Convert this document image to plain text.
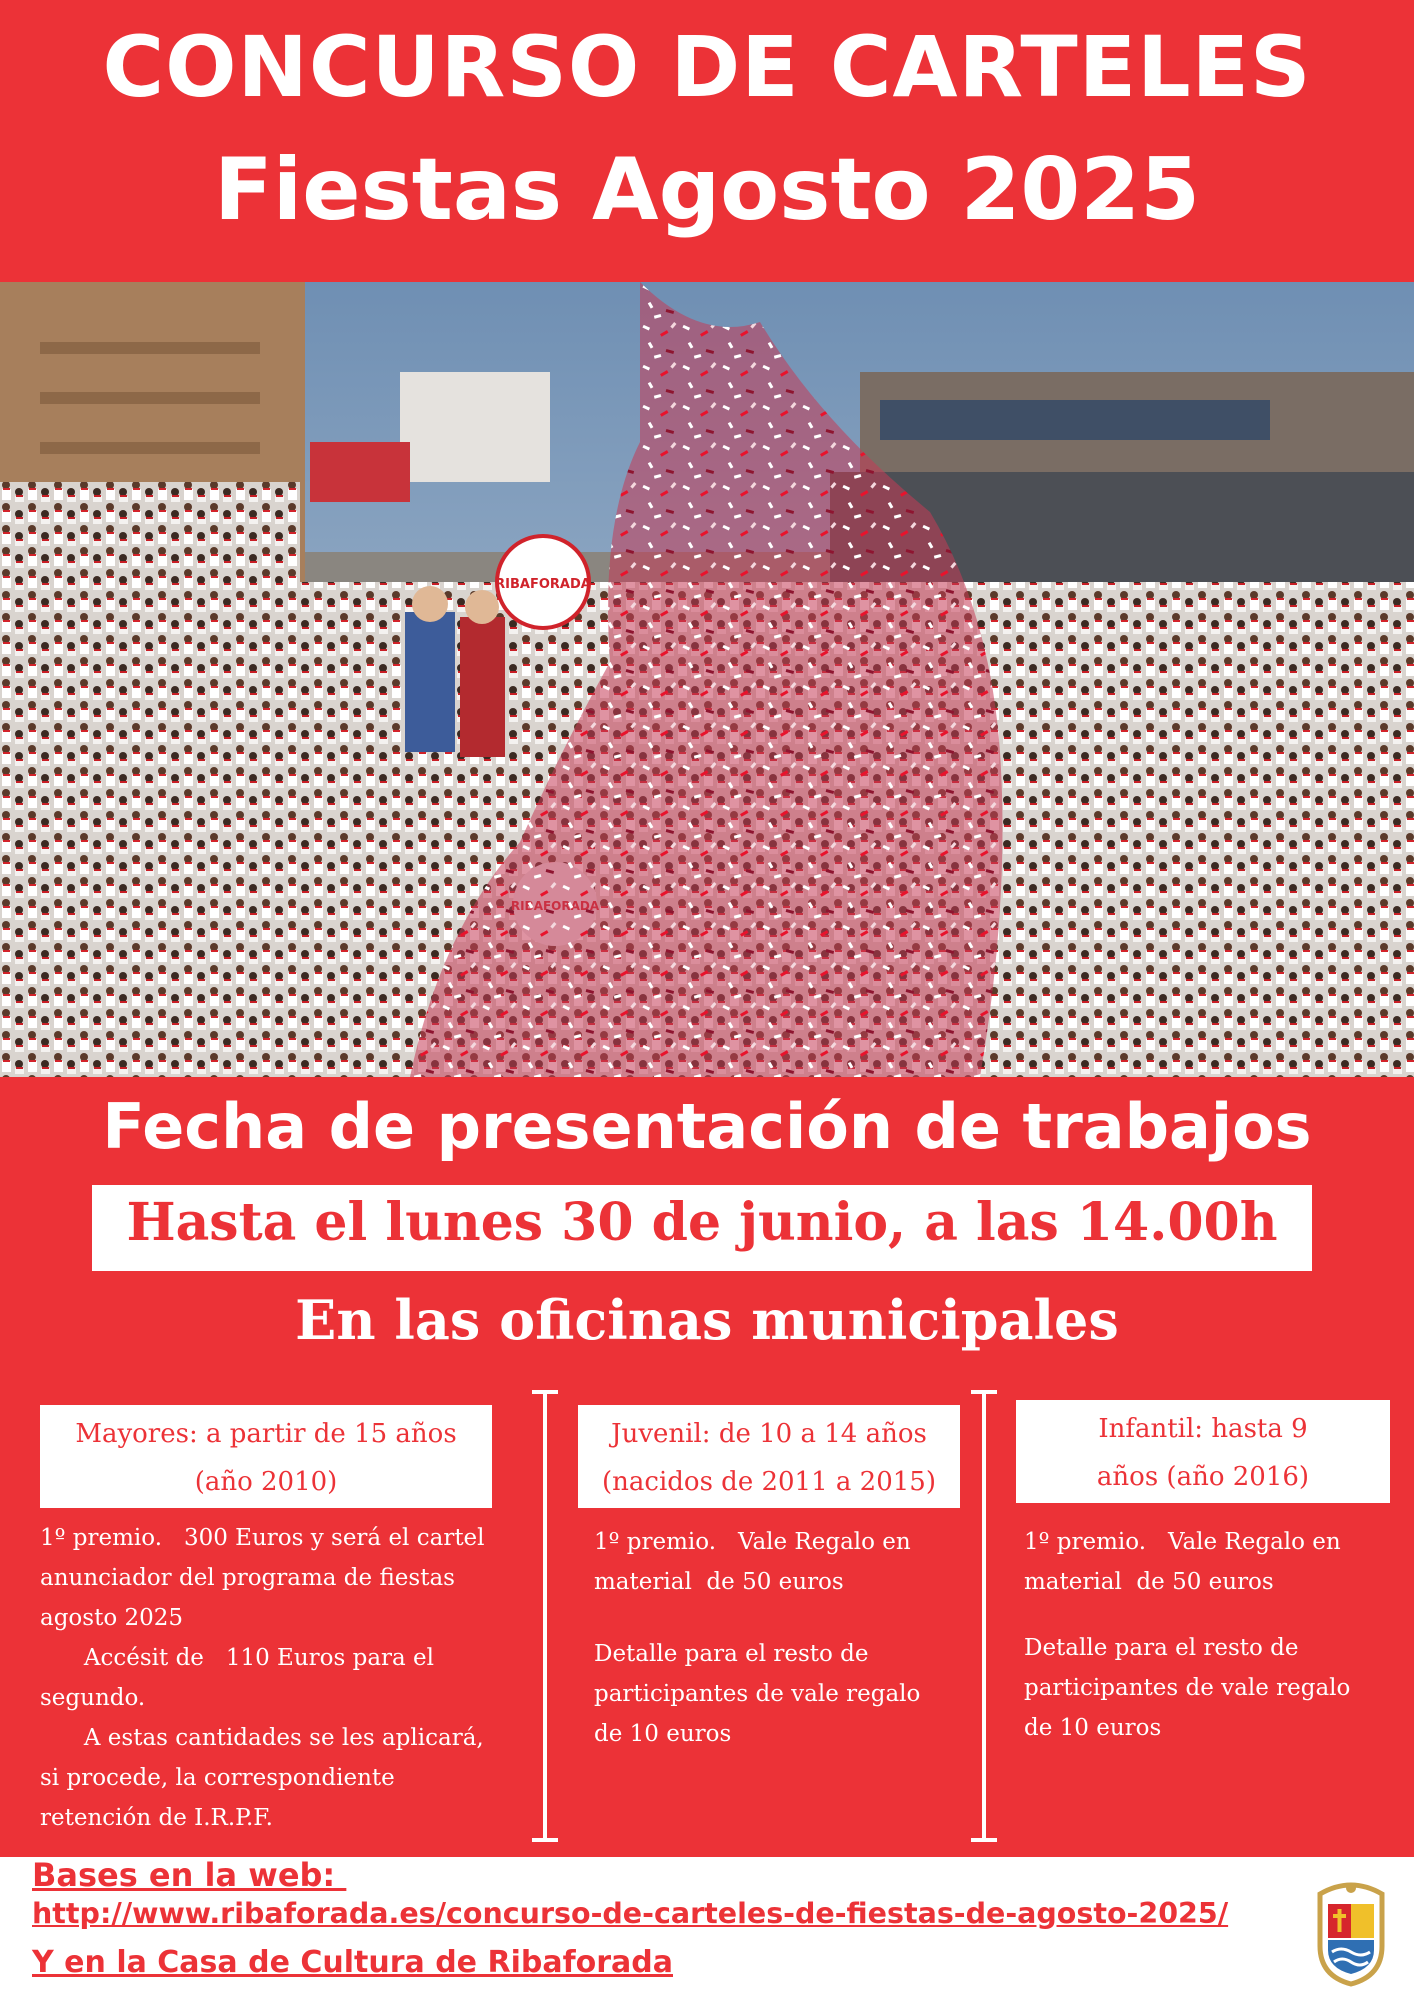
CONCURSO DE CARTELES
Fiestas Agosto 2025
RIBAFORADA
Fecha de presentación de trabajos
Hasta el lunes 30 de junio, a las 14.00h
En las oficinas municipales
Mayores: a partir de 15 años
(año 2010)

1º premio.   300 Euros y será el cartel

anunciador del programa de fiestas

agosto 2025

Accésit de   110 Euros para el

segundo.

A estas cantidades se les aplicará,

si procede, la correspondiente

retención de I.R.P.F.

Juvenil: de 10 a 14 años
(nacidos de 2011 a 2015)

1º premio.   Vale Regalo en

material  de 50 euros

Detalle para el resto de

participantes de vale regalo

de 10 euros

Infantil: hasta 9
años (año 2016)

1º premio.   Vale Regalo en

material  de 50 euros

Detalle para el resto de

participantes de vale regalo

de 10 euros

Bases en la web:
http://www.ribaforada.es/concurso-de-carteles-de-fiestas-de-agosto-2025/
Y en la Casa de Cultura de Ribaforada
